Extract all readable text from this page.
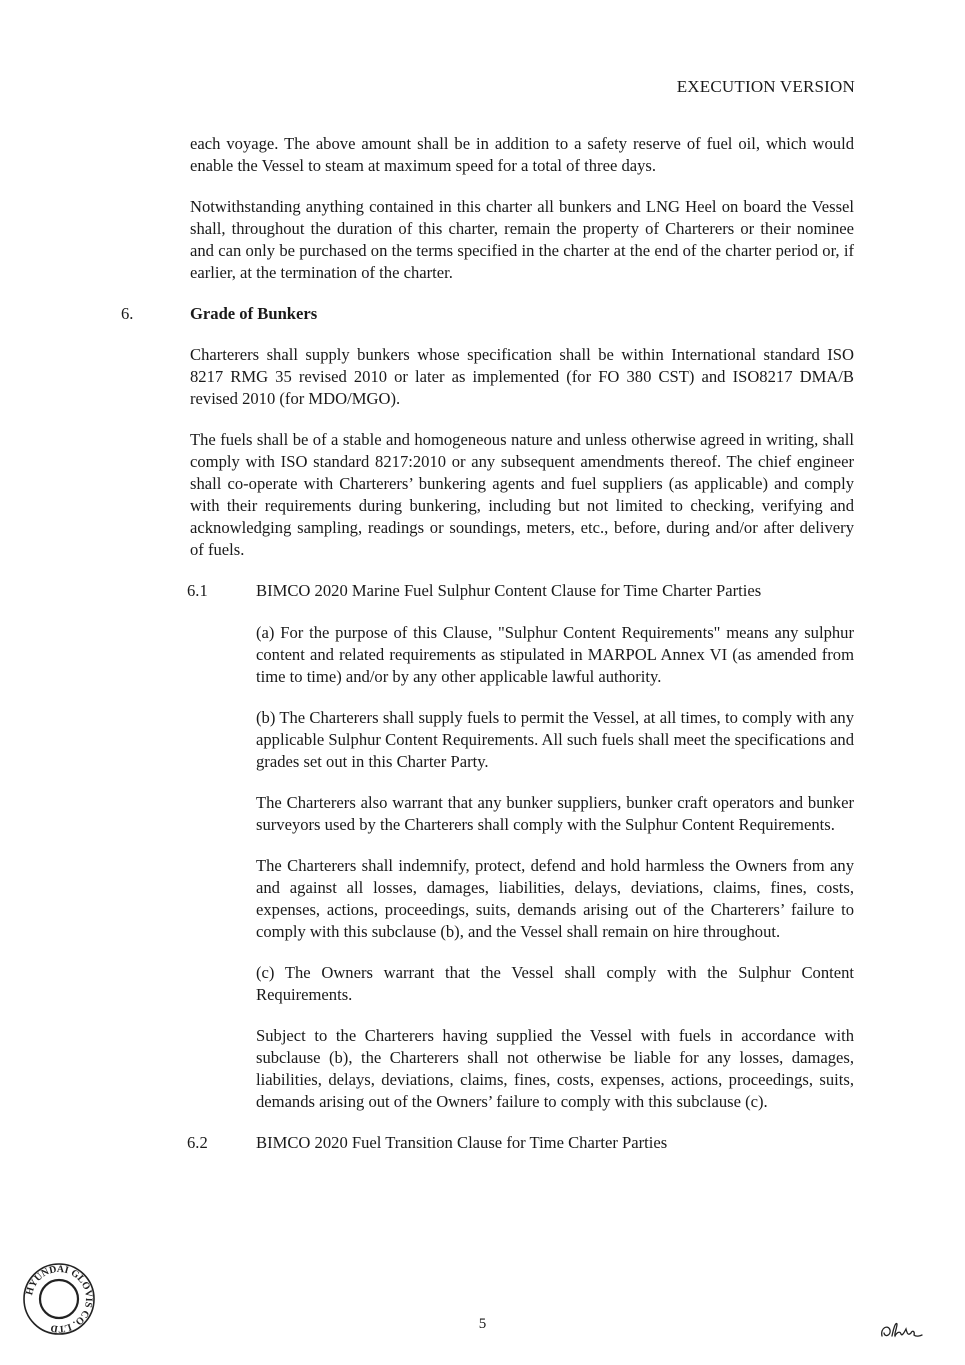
EXECUTION VERSION

each voyage. The above amount shall be in addition to a safety reserve of fuel oil, which would enable the Vessel to steam at maximum speed for a total of three days.

Notwithstanding anything contained in this charter all bunkers and LNG Heel on board the Vessel shall, throughout the duration of this charter, remain the property of Charterers or their nominee and can only be purchased on the terms specified in the charter at the end of the charter period or, if earlier, at the termination of the charter.

6.	Grade of Bunkers

Charterers shall supply bunkers whose specification shall be within International standard ISO 8217 RMG 35 revised 2010 or later as implemented (for FO 380 CST) and ISO8217 DMA/B revised 2010 (for MDO/MGO).

The fuels shall be of a stable and homogeneous nature and unless otherwise agreed in writing, shall comply with ISO standard 8217:2010 or any subsequent amendments thereof. The chief engineer shall co-operate with Charterers’ bunkering agents and fuel suppliers (as applicable) and comply with their requirements during bunkering, including but not limited to checking, verifying and acknowledging sampling, readings or soundings, meters, etc., before, during and/or after delivery of fuels.

6.1	BIMCO 2020 Marine Fuel Sulphur Content Clause for Time Charter Parties

(a) For the purpose of this Clause, "Sulphur Content Requirements" means any sulphur content and related requirements as stipulated in MARPOL Annex VI (as amended from time to time) and/or by any other applicable lawful authority.

(b) The Charterers shall supply fuels to permit the Vessel, at all times, to comply with any applicable Sulphur Content Requirements. All such fuels shall meet the specifications and grades set out in this Charter Party.

The Charterers also warrant that any bunker suppliers, bunker craft operators and bunker surveyors used by the Charterers shall comply with the Sulphur Content Requirements.

The Charterers shall indemnify, protect, defend and hold harmless the Owners from any and against all losses, damages, liabilities, delays, deviations, claims, fines, costs, expenses, actions, proceedings, suits, demands arising out of the Charterers’ failure to comply with this subclause (b), and the Vessel shall remain on hire throughout.

(c) The Owners warrant that the Vessel shall comply with the Sulphur Content Requirements.

Subject to the Charterers having supplied the Vessel with fuels in accordance with subclause (b), the Charterers shall not otherwise be liable for any losses, damages, liabilities, delays, deviations, claims, fines, costs, expenses, actions, proceedings, suits, demands arising out of the Owners’ failure to comply with this subclause (c).

6.2	BIMCO 2020 Fuel Transition Clause for Time Charter Parties
HYUNDAI GLOVIS CO. LTD	5
